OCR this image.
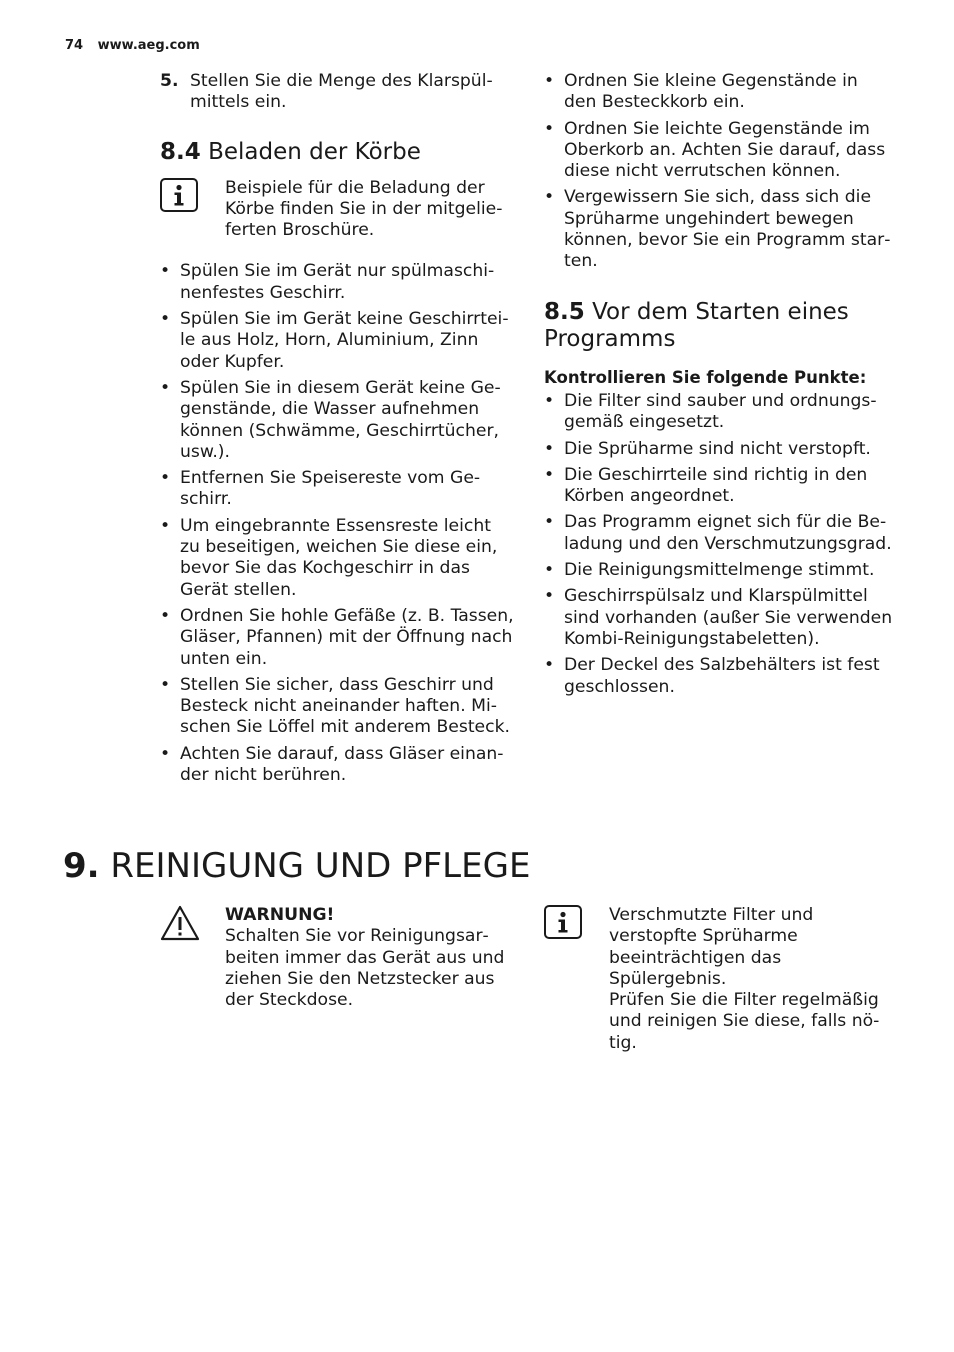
74 www.aeg.com
5. Stellen Sie die Menge des Klarspülmittels ein.
8.4 Beladen der Körbe
Beispiele für die Beladung der Körbe finden Sie in der mitgelieferten Broschüre.
• Spülen Sie im Gerät nur spülmaschinenfestes Geschirr.
• Spülen Sie im Gerät keine Geschirrteile aus Holz, Horn, Aluminium, Zinn oder Kupfer.
• Spülen Sie in diesem Gerät keine Gegenstände, die Wasser aufnehmen können (Schwämme, Geschirrtücher, usw.).
• Entfernen Sie Speisereste vom Geschirr.
• Um eingebrannte Essensreste leicht zu beseitigen, weichen Sie diese ein, bevor Sie das Kochgeschirr in das Gerät stellen.
• Ordnen Sie hohle Gefäße (z. B. Tassen, Gläser, Pfannen) mit der Öffnung nach unten ein.
• Stellen Sie sicher, dass Geschirr und Besteck nicht aneinander haften. Mischen Sie Löffel mit anderem Besteck.
• Achten Sie darauf, dass Gläser einander nicht berühren.
• Ordnen Sie kleine Gegenstände in den Besteckkorb ein.
• Ordnen Sie leichte Gegenstände im Oberkorb an. Achten Sie darauf, dass diese nicht verrutschen können.
• Vergewissern Sie sich, dass sich die Sprüharme ungehindert bewegen können, bevor Sie ein Programm starten.
8.5 Vor dem Starten eines Programms
Kontrollieren Sie folgende Punkte:
• Die Filter sind sauber und ordnungsgemäß eingesetzt.
• Die Sprüharme sind nicht verstopft.
• Die Geschirrteile sind richtig in den Körben angeordnet.
• Das Programm eignet sich für die Beladung und den Verschmutzungsgrad.
• Die Reinigungsmittelmenge stimmt.
• Geschirrspülsalz und Klarspülmittel sind vorhanden (außer Sie verwenden Kombi-Reinigungstabeletten).
• Der Deckel des Salzbehälters ist fest geschlossen.
9. REINIGUNG UND PFLEGE
WARNUNG!
Schalten Sie vor Reinigungsarbeiten immer das Gerät aus und ziehen Sie den Netzstecker aus der Steckdose.
Verschmutzte Filter und verstopfte Sprüharme beeinträchtigen das Spülergebnis.
Prüfen Sie die Filter regelmäßig und reinigen Sie diese, falls nötig.
